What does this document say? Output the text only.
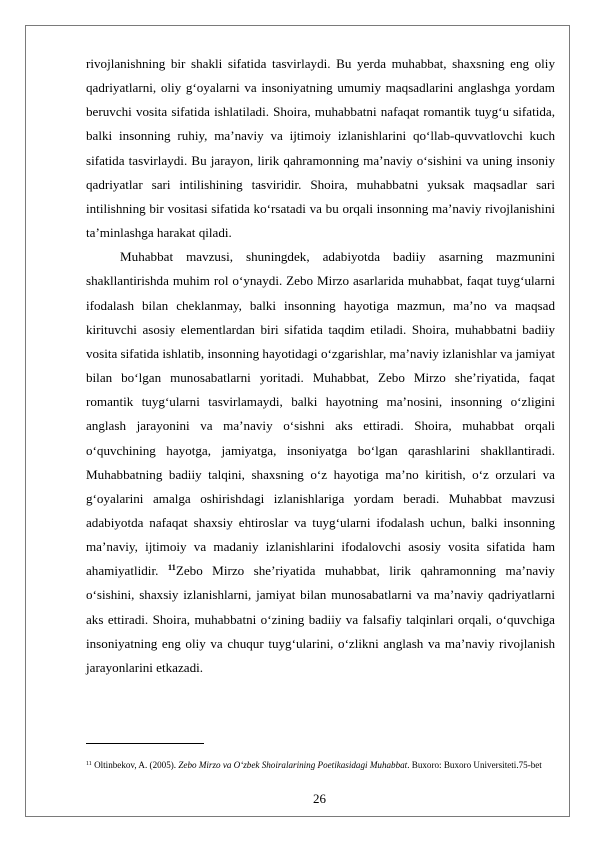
rivojlanishning bir shakli sifatida tasvirlaydi. Bu yerda muhabbat, shaxsning eng oliy qadriyatlarni, oliy g‘oyalarni va insoniyatning umumiy maqsadlarini anglashga yordam beruvchi vosita sifatida ishlatiladi. Shoira, muhabbatni nafaqat romantik tuyg‘u sifatida, balki insonning ruhiy, ma’naviy va ijtimoiy izlanishlarini qo‘llab-quvvatlovchi kuch sifatida tasvirlaydi. Bu jarayon, lirik qahramonning ma’naviy o‘sishini va uning insoniy qadriyatlar sari intilishining tasviridir. Shoira, muhabbatni yuksak maqsadlar sari intilishning bir vositasi sifatida ko‘rsatadi va bu orqali insonning ma’naviy rivojlanishini ta’minlashga harakat qiladi.

Muhabbat mavzusi, shuningdek, adabiyotda badiiy asarning mazmunini shakllantirishda muhim rol o‘ynaydi. Zebo Mirzo asarlarida muhabbat, faqat tuyg‘ularni ifodalash bilan cheklanmay, balki insonning hayotiga mazmun, ma’no va maqsad kirituvchi asosiy elementlardan biri sifatida taqdim etiladi. Shoira, muhabbatni badiiy vosita sifatida ishlatib, insonning hayotidagi o‘zgarishlar, ma’naviy izlanishlar va jamiyat bilan bo‘lgan munosabatlarni yoritadi. Muhabbat, Zebo Mirzo she’riyatida, faqat romantik tuyg‘ularni tasvirlamaydi, balki hayotning ma’nosini, insonning o‘zligini anglash jarayonini va ma’naviy o‘sishni aks ettiradi. Shoira, muhabbat orqali o‘quvchining hayotga, jamiyatga, insoniyatga bo‘lgan qarashlarini shakllantiradi. Muhabbatning badiiy talqini, shaxsning o‘z hayotiga ma’no kiritish, o‘z orzulari va g‘oyalarini amalga oshirishdagi izlanishlariga yordam beradi. Muhabbat mavzusi adabiyotda nafaqat shaxsiy ehtiroslar va tuyg‘ularni ifodalash uchun, balki insonning ma’naviy, ijtimoiy va madaniy izlanishlarini ifodalovchi asosiy vosita sifatida ham ahamiyatlidir. $^{11}$Zebo Mirzo she’riyatida muhabbat, lirik qahramonning ma’naviy o‘sishini, shaxsiy izlanishlarni, jamiyat bilan munosabatlarni va ma’naviy qadriyatlarni aks ettiradi. Shoira, muhabbatni o‘zining badiiy va falsafiy talqinlari orqali, o‘quvchiga insoniyatning eng oliy va chuqur tuyg‘ularini, o‘zlikni anglash va ma’naviy rivojlanish jarayonlarini etkazadi.

$^{11}$ Oltinbekov, A. (2005). Zebo Mirzo va O‘zbek Shoiralarining Poetikasidagi Muhabbat. Buxoro: Buxoro Universiteti.75-bet
26
